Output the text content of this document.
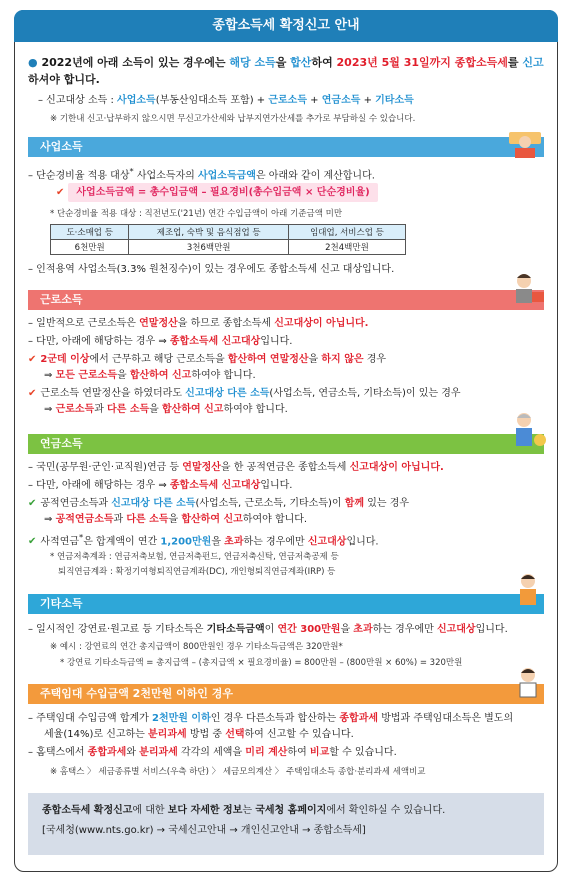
종합소득세 확정신고 안내
● 2022년에 아래 소득이 있는 경우에는 해당 소득을 합산하여 2023년 5월 31일까지 종합소득세를 신고하셔야 합니다.
– 신고대상 소득 : 사업소득(부동산임대소득 포함) + 근로소득 + 연금소득 + 기타소득
※ 기한내 신고·납부하지 않으시면 무신고가산세와 납부지연가산세를 추가로 부담하실 수 있습니다.
사업소득
– 단순경비율 적용 대상* 사업소득자의 사업소득금액은 아래와 같이 계산합니다.
✔ 사업소득금액 = 총수입금액 – 필요경비(총수입금액 × 단순경비율)
* 단순경비율 적용 대상 : 직전년도('21년) 연간 수입금액이 아래 기준금액 미만
도·소매업 등	제조업, 숙박 및 음식점업 등	임대업, 서비스업 등
6천만원	3천6백만원	2천4백만원
– 인적용역 사업소득(3.3% 원천징수)이 있는 경우에도 종합소득세 신고 대상입니다.
근로소득
– 일반적으로 근로소득은 연말정산을 하므로 종합소득세 신고대상이 아닙니다.
– 다만, 아래에 해당하는 경우 ⇒ 종합소득세 신고대상입니다.
✔ 2군데 이상에서 근무하고 해당 근로소득을 합산하여 연말정산을 하지 않은 경우
⇒ 모든 근로소득을 합산하여 신고하여야 합니다.
✔ 근로소득 연말정산을 하였더라도 신고대상 다른 소득(사업소득, 연금소득, 기타소득)이 있는 경우
⇒ 근로소득과 다른 소득을 합산하여 신고하여야 합니다.
연금소득
– 국민(공무원·군인·교직원)연금 등 연말정산을 한 공적연금은 종합소득세 신고대상이 아닙니다.
– 다만, 아래에 해당하는 경우 ⇒ 종합소득세 신고대상입니다.
✔ 공적연금소득과 신고대상 다른 소득(사업소득, 근로소득, 기타소득)이 함께 있는 경우
⇒ 공적연금소득과 다른 소득을 합산하여 신고하여야 합니다.
✔ 사적연금*은 합계액이 연간 1,200만원을 초과하는 경우에만 신고대상입니다.
* 연금저축계좌 : 연금저축보험, 연금저축펀드, 연금저축신탁, 연금저축공제 등
퇴직연금계좌 : 확정기여형퇴직연금계좌(DC), 개인형퇴직연금계좌(IRP) 등
기타소득
– 일시적인 강연료·원고료 등 기타소득은 기타소득금액이 연간 300만원을 초과하는 경우에만 신고대상입니다.
※ 예시 : 강연료의 연간 총지급액이 800만원인 경우 기타소득금액은 320만원*
* 강연료 기타소득금액 = 총지급액 – (총지급액 × 필요경비율) = 800만원 – (800만원 × 60%) = 320만원
주택임대 수입금액 2천만원 이하인 경우
– 주택임대 수입금액 합계가 2천만원 이하인 경우 다른소득과 합산하는 종합과세 방법과 주택임대소득은 별도의
세율(14%)로 신고하는 분리과세 방법 중 선택하여 신고할 수 있습니다.
– 홈택스에서 종합과세와 분리과세 각각의 세액을 미리 계산하여 비교할 수 있습니다.
※ 홈택스 〉 세금종류별 서비스(우측 하단) 〉 세금모의계산 〉 주택임대소득 종합·분리과세 세액비교
종합소득세 확정신고에 대한 보다 자세한 정보는 국세청 홈페이지에서 확인하실 수 있습니다.
[국세청(www.nts.go.kr) → 국세신고안내 → 개인신고안내 → 종합소득세]
